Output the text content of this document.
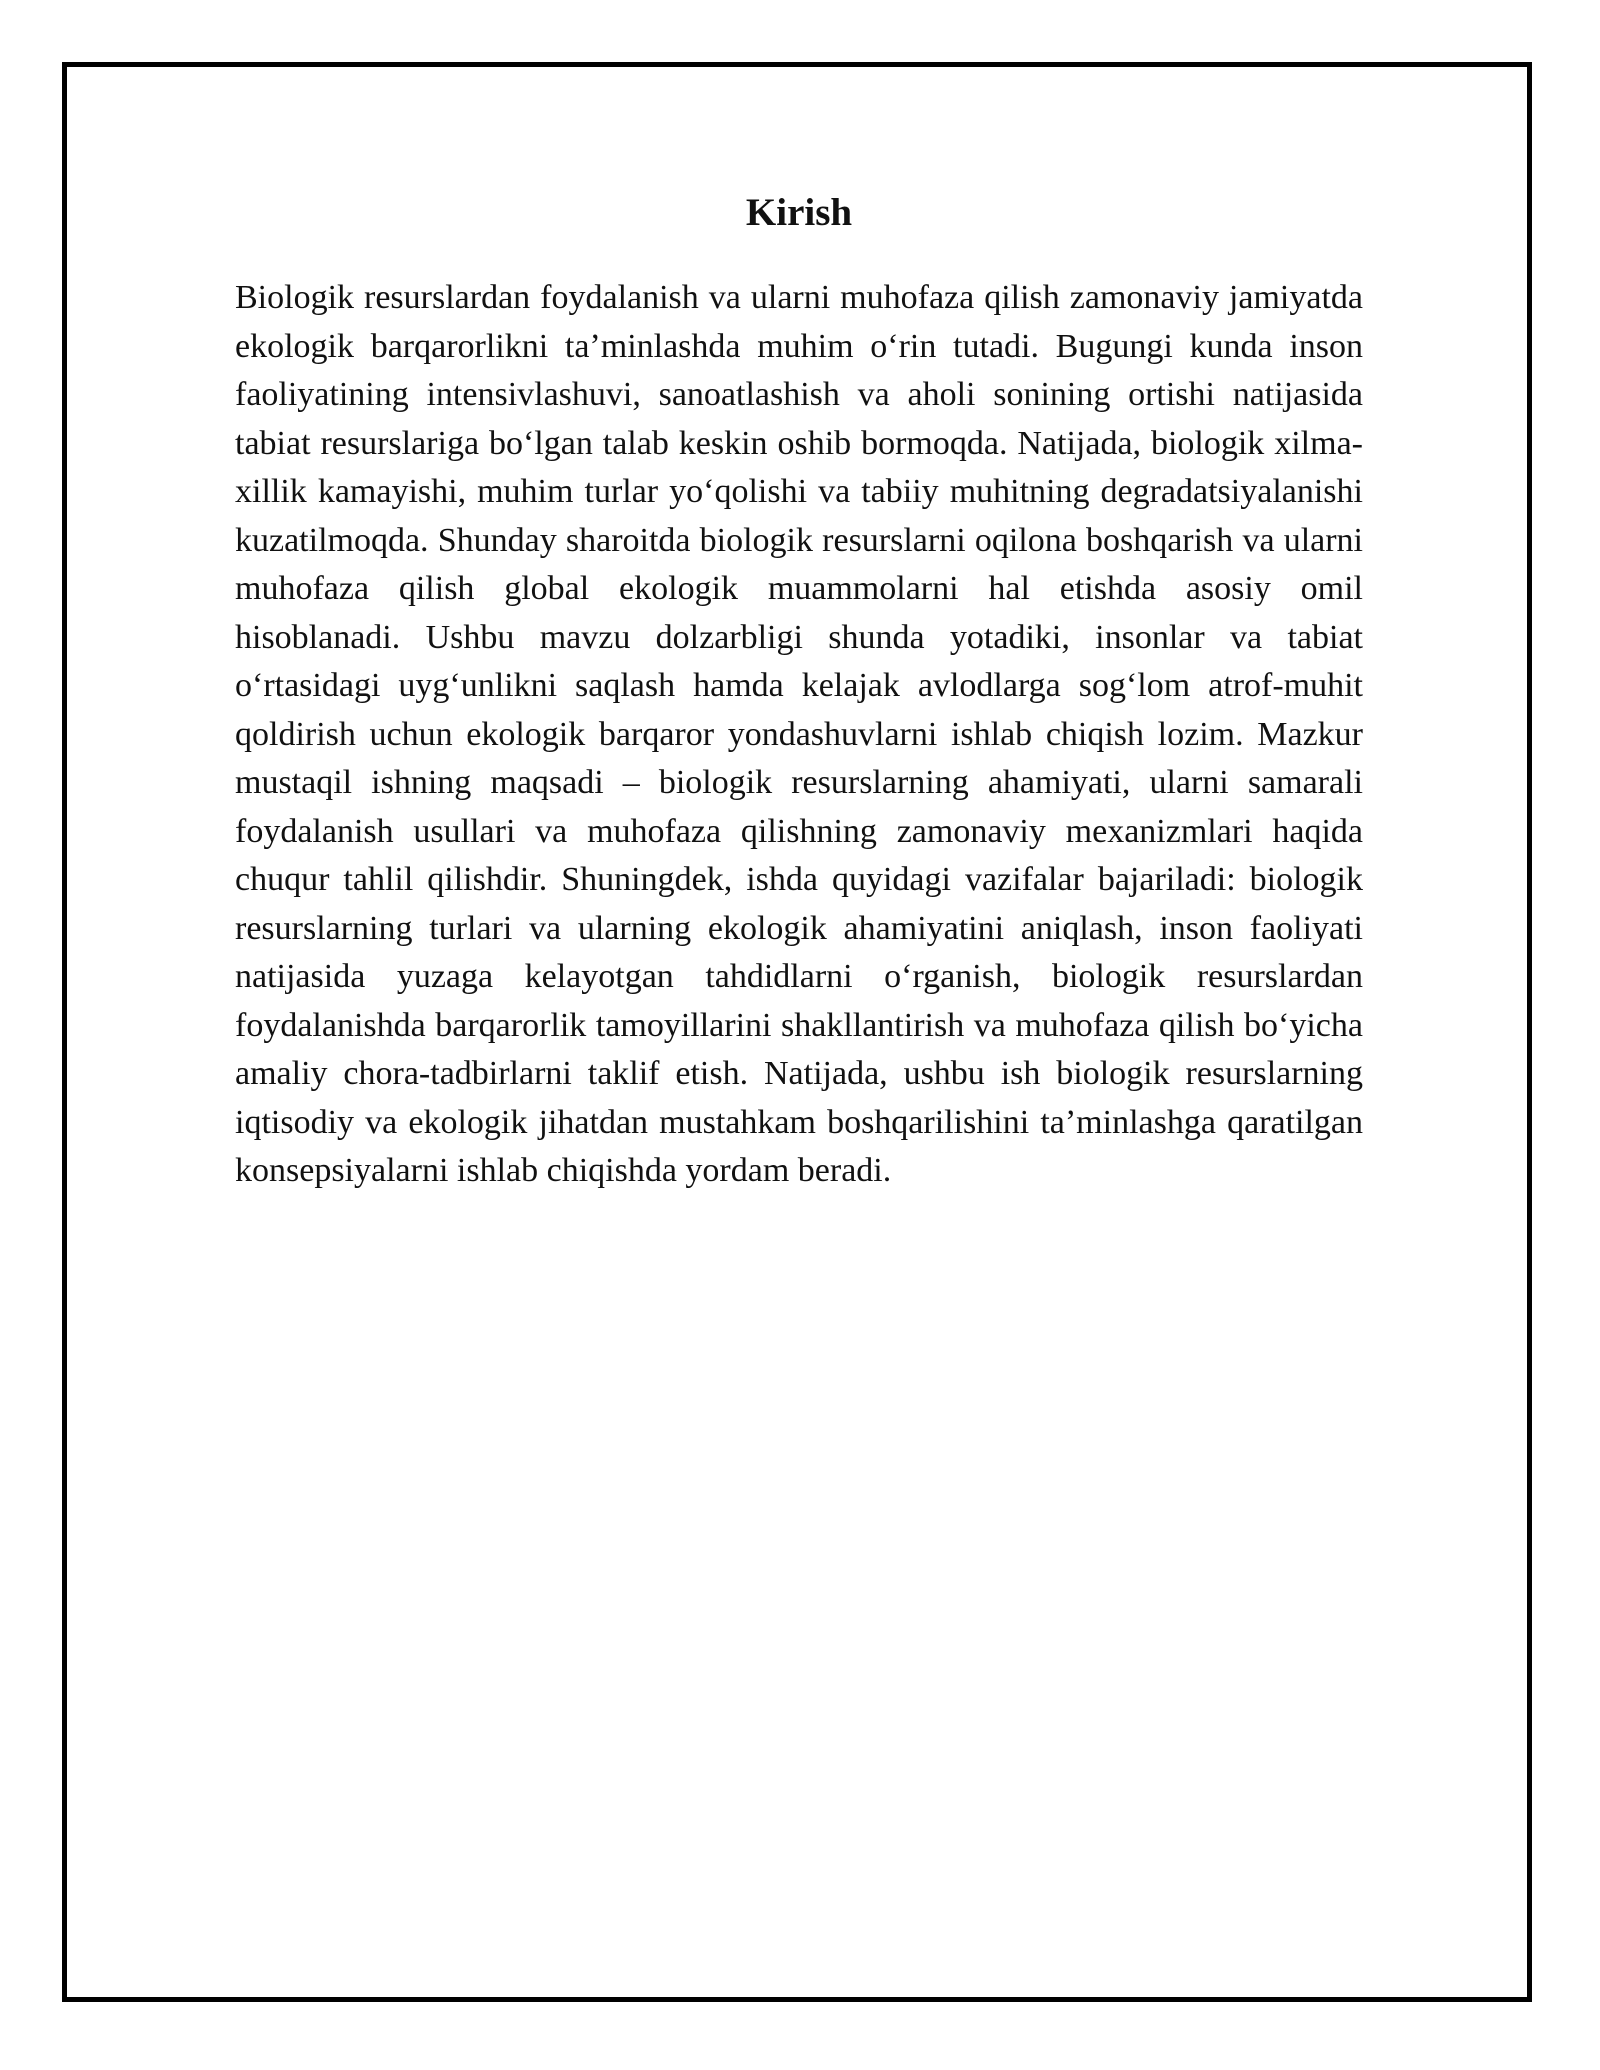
Kirish

Biologik resurslardan foydalanish va ularni muhofaza qilish zamonaviy jamiyatda ekologik barqarorlikni taʼminlashda muhim oʻrin tutadi. Bugungi kunda inson faoliyatining intensivlashuvi, sanoatlashish va aholi sonining ortishi natijasida tabiat resurslariga boʻlgan talab keskin oshib bormoqda. Natijada, biologik xilma-xillik kamayishi, muhim turlar yoʻqolishi va tabiiy muhitning degradatsiyalanishi kuzatilmoqda. Shunday sharoitda biologik resurslarni oqilona boshqarish va ularni muhofaza qilish global ekologik muammolarni hal etishda asosiy omil hisoblanadi. Ushbu mavzu dolzarbligi shunda yotadiki, insonlar va tabiat oʻrtasidagi uygʻunlikni saqlash hamda kelajak avlodlarga sogʻlom atrof-muhit qoldirish uchun ekologik barqaror yondashuvlarni ishlab chiqish lozim. Mazkur mustaqil ishning maqsadi – biologik resurslarning ahamiyati, ularni samarali foydalanish usullari va muhofaza qilishning zamonaviy mexanizmlari haqida chuqur tahlil qilishdir. Shuningdek, ishda quyidagi vazifalar bajariladi: biologik resurslarning turlari va ularning ekologik ahamiyatini aniqlash, inson faoliyati natijasida yuzaga kelayotgan tahdidlarni oʻrganish, biologik resurslardan foydalanishda barqarorlik tamoyillarini shakllantirish va muhofaza qilish boʻyicha amaliy chora-tadbirlarni taklif etish. Natijada, ushbu ish biologik resurslarning iqtisodiy va ekologik jihatdan mustahkam boshqarilishini taʼminlashga qaratilgan konsepsiyalarni ishlab chiqishda yordam beradi.
